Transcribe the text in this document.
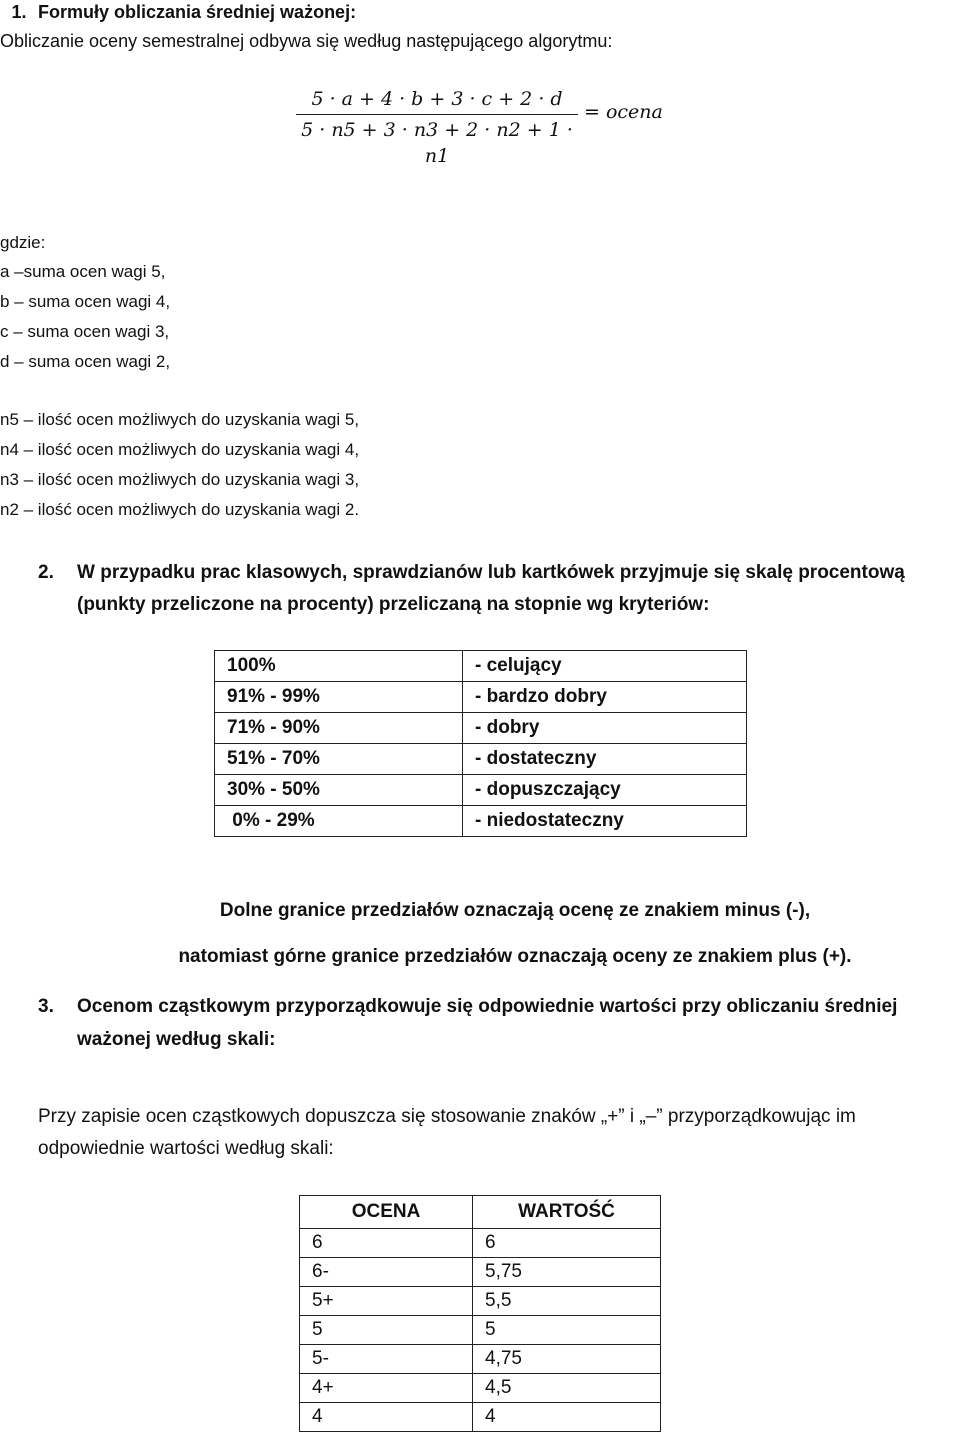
1. Formuły obliczania średniej ważonej:
Obliczanie oceny semestralnej odbywa się według następującego algorytmu:
5 · a + 4 · b + 3 · c + 2 · d
5 · n5 + 3 · n3 + 2 · n2 + 1 · n1
= ocena
gdzie:
a –suma ocen wagi 5,
b – suma ocen wagi 4,
c – suma ocen wagi 3,
d – suma ocen wagi 2,
n5 – ilość ocen możliwych do uzyskania wagi 5,
n4 – ilość ocen możliwych do uzyskania wagi 4,
n3 – ilość ocen możliwych do uzyskania wagi 3,
n2 – ilość ocen możliwych do uzyskania wagi 2.
2.	W przypadku prac klasowych, sprawdzianów lub kartkówek przyjmuje się skalę procentową (punkty przeliczone na procenty) przeliczaną na stopnie wg kryteriów:
100%	- celujący
91% - 99%	- bardzo dobry
71% - 90%	- dobry
51% - 70%	- dostateczny
30% - 50%	- dopuszczający
0% - 29%	- niedostateczny
Dolne granice przedziałów oznaczają ocenę ze znakiem minus (-),
natomiast górne granice przedziałów oznaczają oceny ze znakiem plus (+).
3.	Ocenom cząstkowym przyporządkowuje się odpowiednie wartości przy obliczaniu średniej ważonej według skali:
Przy zapisie ocen cząstkowych dopuszcza się stosowanie znaków „+” i „–” przyporządkowując im odpowiednie wartości według skali:
OCENA	WARTOŚĆ
6	6
6-	5,75
5+	5,5
5	5
5-	4,75
4+	4,5
4	4
